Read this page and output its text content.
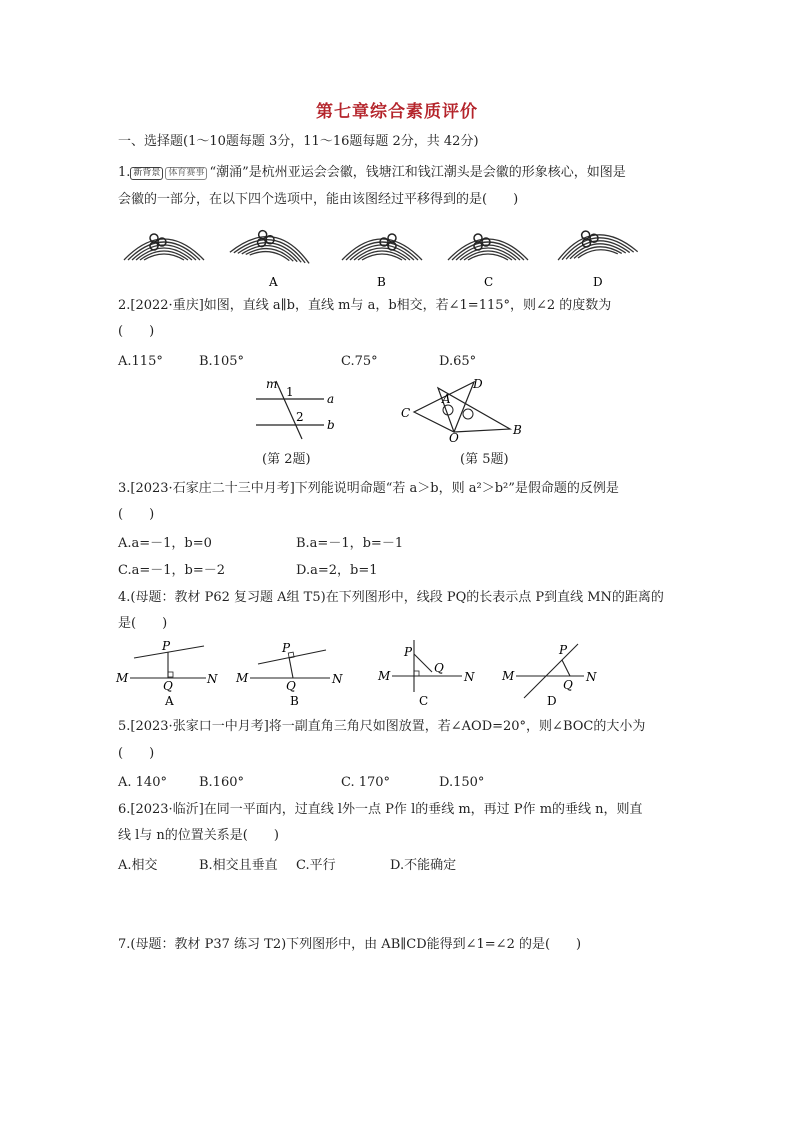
第七章综合素质评价
一、选择题(1～10题每题 3分，11～16题每题 2分，共 42分)
1. 新背景 体育赛事 “潮涌”是杭州亚运会会徽，钱塘江和钱江潮头是会徽的形象核心，如图是
会徽的一部分，在以下四个选项中，能由该图经过平移得到的是(　　)
A	B	C	D
2.[2022·重庆]如图，直线 a∥b，直线 m与 a，b相交，若∠1=115°，则∠2 的度数为
(　　)
A.115°	B.105°	C.75°	D.65°
m
1
2
a
b
(第 2题)
D
A
C
O
B
(第 5题)
3.[2023·石家庄二十三中月考]下列能说明命题“若 a＞b，则 a²＞b²”是假命题的反例是
(　　)
A.a=－1，b=0	B.a=－1，b=－1
C.a=－1，b=－2	D.a=2，b=1
4.(母题：教材 P62 复习题 A组 T5)在下列图形中，线段 PQ的长表示点 P到直线 MN的距离的
是(　　)
M	N
P
Q
A
M	N
P
Q
B
M	N
P
Q
C
M	N
P
Q
D
5.[2023·张家口一中月考]将一副直角三角尺如图放置，若∠AOD=20°，则∠BOC的大小为
(　　)
A. 140° B.160°	C. 170°	D.150°
6.[2023·临沂]在同一平面内，过直线 l外一点 P作 l的垂线 m，再过 P作 m的垂线 n，则直
线 l与 n的位置关系是(　　)
A.相交	B.相交且垂直 C.平行	D.不能确定
7.(母题：教材 P37 练习 T2)下列图形中，由 AB∥CD能得到∠1=∠2 的是(　　)
